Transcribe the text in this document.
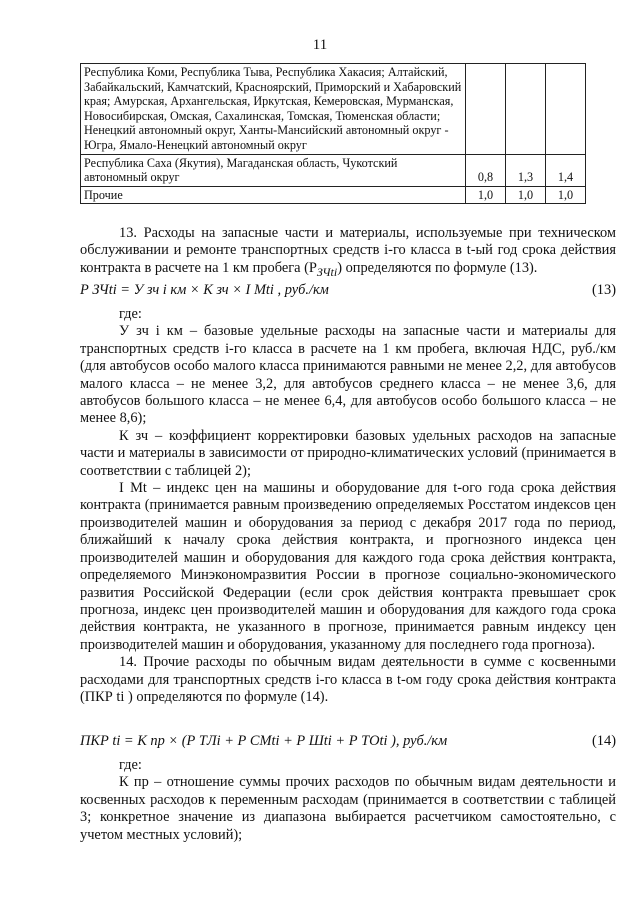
11
Республика Коми, Республика Тыва, Республика Хакасия; Алтайский, Забайкальский, Камчатский, Красноярский, Приморский и Хабаровский края; Амурская, Архангельская, Иркутская, Кемеровская, Мурманская, Новосибирская, Омская, Сахалинская, Томская, Тюменская области; Ненецкий автономный округ, Ханты-Мансийский автономный округ - Югра, Ямало-Ненецкий автономный округ			
Республика Саха (Якутия), Магаданская область, Чукотский автономный округ	0,8	1,3	1,4
Прочие	1,0	1,0	1,0

13. Расходы на запасные части и материалы, используемые при техническом обслуживании и ремонте транспортных средств i-го класса в t-ый год срока действия контракта в расчете на 1 км пробега $(Р_{ЗЧti})$ определяются по формуле (13).

Р ЗЧti = У зч i км × К зч × I Mti , руб./км	(13)

где:

У зч i км – базовые удельные расходы на запасные части и материалы для транспортных средств i-го класса в расчете на 1 км пробега, включая НДС, руб./км (для автобусов особо малого класса принимаются равными не менее 2,2, для автобусов малого класса – не менее 3,2, для автобусов среднего класса – не менее 3,6, для автобусов большого класса – не менее 6,4, для автобусов особо большого класса – не менее 8,6);

К зч – коэффициент корректировки базовых удельных расходов на запасные части и материалы в зависимости от природно-климатических условий (принимается в соответствии с таблицей 2);

I Mt – индекс цен на машины и оборудование для t-ого года срока действия контракта (принимается равным произведению определяемых Росстатом индексов цен производителей машин и оборудования за период с декабря 2017 года по период, ближайший к началу срока действия контракта, и прогнозного индекса цен производителей машин и оборудования для каждого года срока действия контракта, определяемого Минэкономразвития России в прогнозе социально-экономического развития Российской Федерации (если срок действия контракта превышает срок прогноза, индекс цен производителей машин и оборудования для каждого года срока действия контракта, не указанного в прогнозе, принимается равным индексу цен производителей машин и оборудования, указанному для последнего года прогноза).

14. Прочие расходы по обычным видам деятельности в сумме с косвенными расходами для транспортных средств i-го класса в t-ом году срока действия контракта (ПКР ti ) определяются по формуле (14).

ПКР ti = К пр × (Р ТЛi + Р СМti + Р Шti + Р ТОti ), руб./км	(14)

где:

К пр – отношение суммы прочих расходов по обычным видам деятельности и косвенных расходов к переменным расходам (принимается в соответствии с таблицей 3; конкретное значение из диапазона выбирается расчетчиком самостоятельно, с учетом местных условий);
